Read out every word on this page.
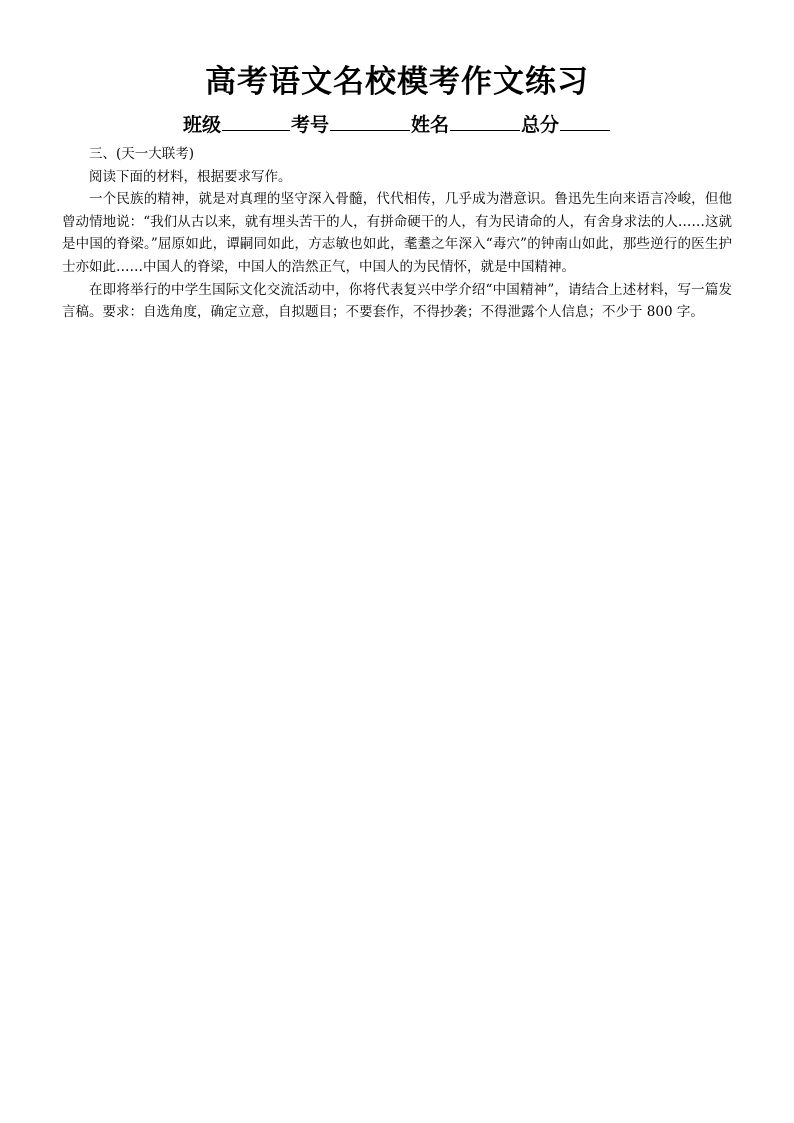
高考语文名校模考作文练习
班级	考号	姓名	总分

三、(天一大联考)

阅读下面的材料，根据要求写作。

一个民族的精神，就是对真理的坚守深入骨髓，代代相传，几乎成为潜意识。鲁迅先生向来语言冷峻，但他曾动情地说：“我们从古以来，就有埋头苦干的人，有拼命硬干的人，有为民请命的人，有舍身求法的人……这就是中国的脊梁。”屈原如此，谭嗣同如此，方志敏也如此，耄耋之年深入“毒穴”的钟南山如此，那些逆行的医生护士亦如此……中国人的脊梁，中国人的浩然正气，中国人的为民情怀，就是中国精神。

在即将举行的中学生国际文化交流活动中，你将代表复兴中学介绍“中国精神”，请结合上述材料，写一篇发言稿。要求：自选角度，确定立意，自拟题目；不要套作，不得抄袭；不得泄露个人信息；不少于 800 字。
